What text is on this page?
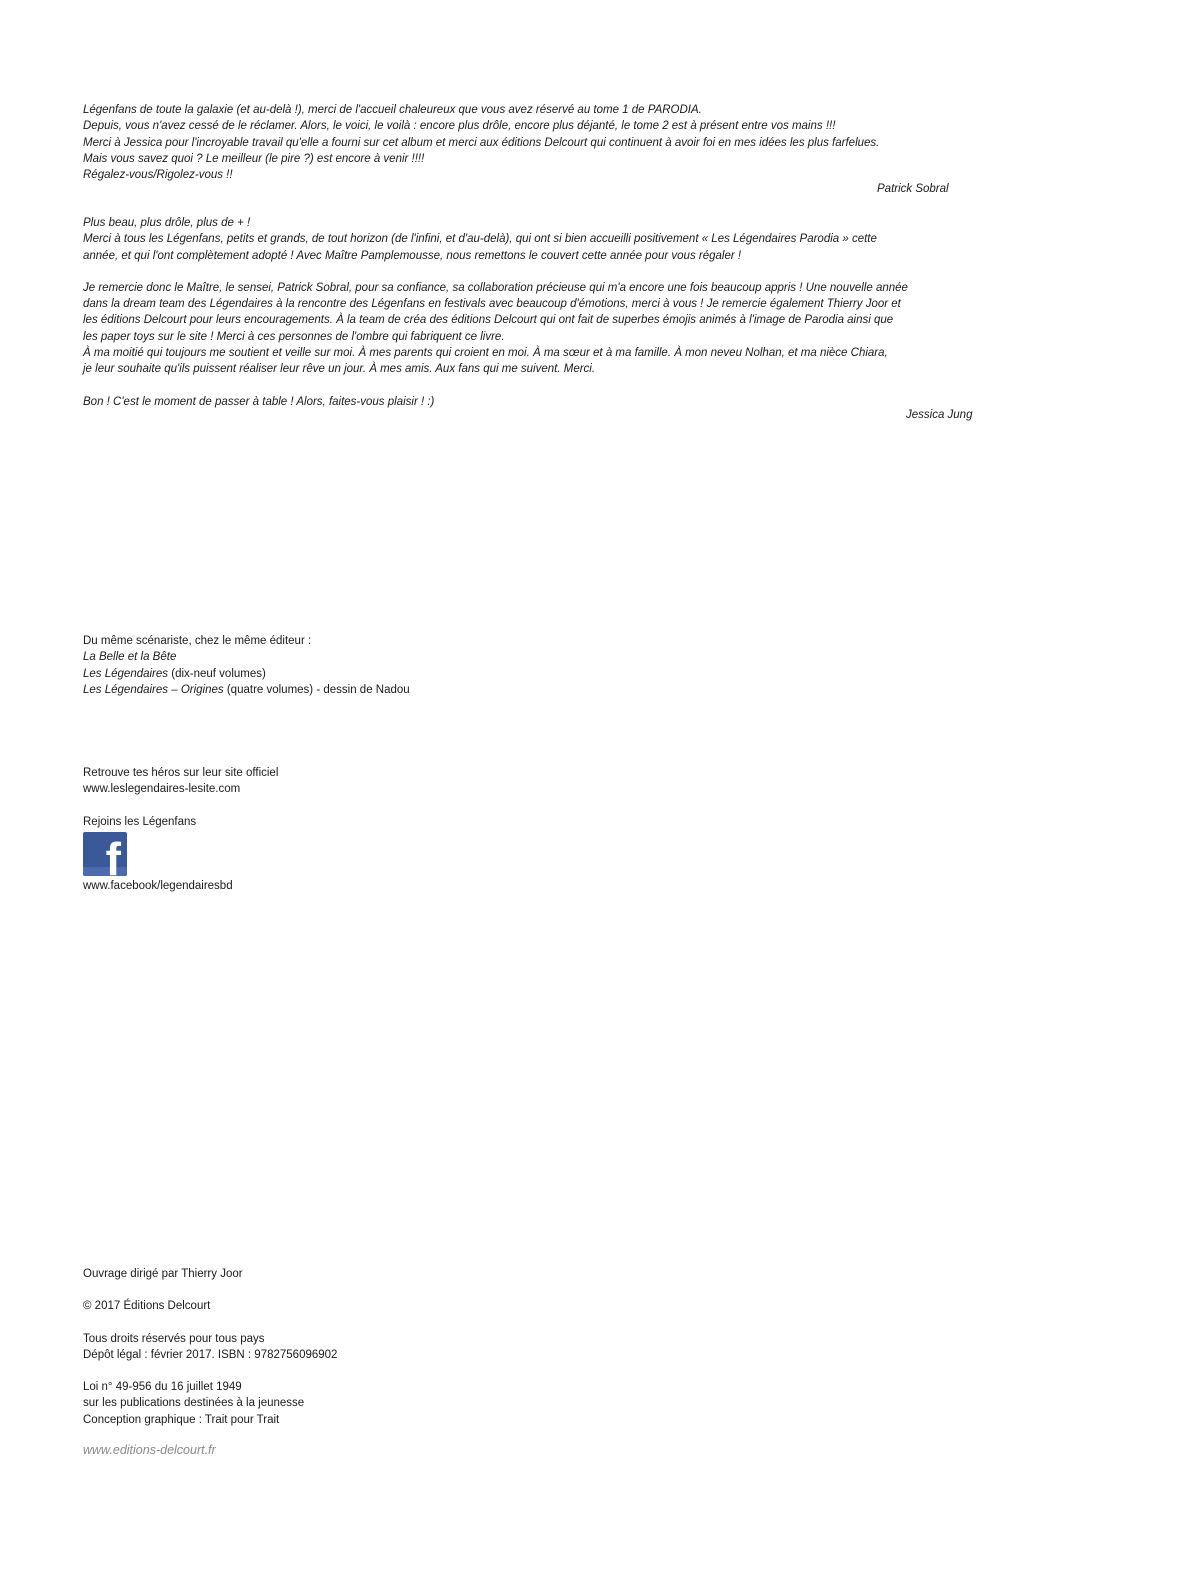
Légenfans de toute la galaxie (et au-delà !), merci de l'accueil chaleureux que vous avez réservé au tome 1 de PARODIA.

Depuis, vous n'avez cessé de le réclamer. Alors, le voici, le voilà : encore plus drôle, encore plus déjanté, le tome 2 est à présent entre vos mains !!!

Merci à Jessica pour l'incroyable travail qu'elle a fourni sur cet album et merci aux éditions Delcourt qui continuent à avoir foi en mes idées les plus farfelues.

Mais vous savez quoi ? Le meilleur (le pire ?) est encore à venir !!!!

Régalez-vous/Rigolez-vous !!

Patrick Sobral

Plus beau, plus drôle, plus de + !

Merci à tous les Légenfans, petits et grands, de tout horizon (de l'infini, et d'au-delà), qui ont si bien accueilli positivement « Les Légendaires Parodia » cette

année, et qui l'ont complètement adopté ! Avec Maître Pamplemousse, nous remettons le couvert cette année pour vous régaler !

Je remercie donc le Maître, le sensei, Patrick Sobral, pour sa confiance, sa collaboration précieuse qui m'a encore une fois beaucoup appris ! Une nouvelle année

dans la dream team des Légendaires à la rencontre des Légenfans en festivals avec beaucoup d'émotions, merci à vous ! Je remercie également Thierry Joor et

les éditions Delcourt pour leurs encouragements. À la team de créa des éditions Delcourt qui ont fait de superbes émojis animés à l'image de Parodia ainsi que

les paper toys sur le site ! Merci à ces personnes de l'ombre qui fabriquent ce livre.

À ma moitié qui toujours me soutient et veille sur moi. À mes parents qui croient en moi. À ma sœur et à ma famille. À mon neveu Nolhan, et ma nièce Chiara,

je leur souhaite qu'ils puissent réaliser leur rêve un jour. À mes amis. Aux fans qui me suivent. Merci.

Bon ! C'est le moment de passer à table ! Alors, faites-vous plaisir ! :)

Jessica Jung

Du même scénariste, chez le même éditeur :

La Belle et la Bête

Les Légendaires (dix-neuf volumes)

Les Légendaires – Origines (quatre volumes) - dessin de Nadou

Retrouve tes héros sur leur site officiel

www.leslegendaires-lesite.com

Rejoins les Légenfans
f
www.facebook/legendairesbd
Ouvrage dirigé par Thierry Joor
© 2017 Éditions Delcourt

Tous droits réservés pour tous pays

Dépôt légal : février 2017. ISBN : 9782756096902

Loi n° 49-956 du 16 juillet 1949

sur les publications destinées à la jeunesse

Conception graphique : Trait pour Trait

www.editions-delcourt.fr
